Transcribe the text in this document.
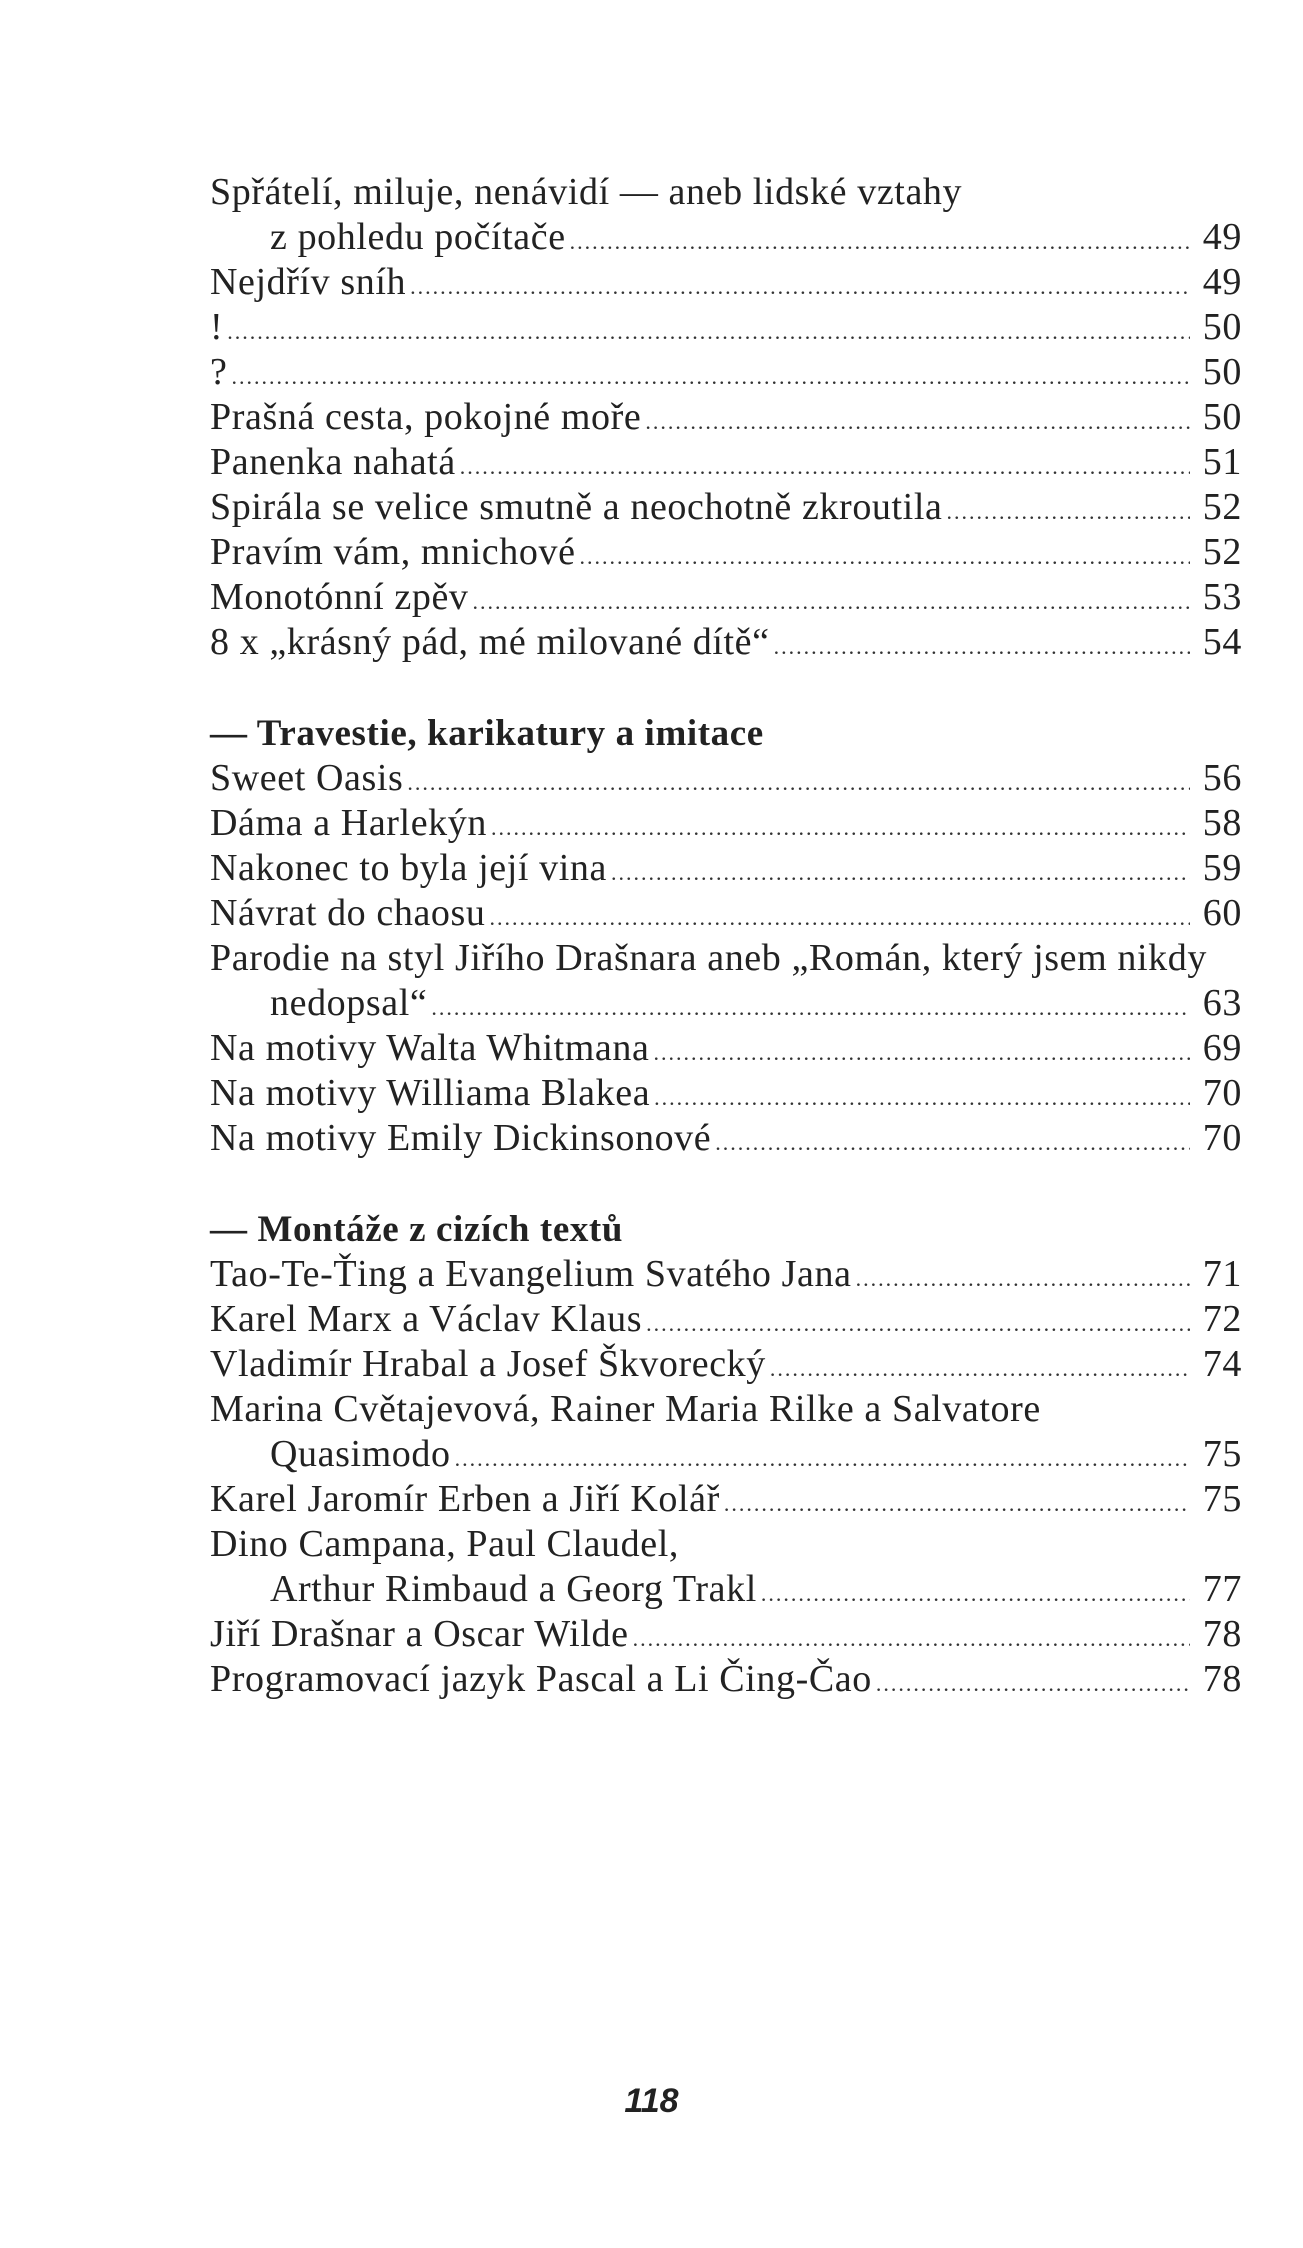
Spřátelí, miluje, nenávidí — aneb lidské vztahy
z pohledu počítače .....	49
Nejdřív sníh .....	49
! .....	50
? .....	50
Prašná cesta, pokojné moře .....	50
Panenka nahatá .....	51
Spirála se velice smutně a neochotně zkroutila .....	52
Pravím vám, mnichové .....	52
Monotónní zpěv .....	53
8 x „krásný pád, mé milované dítě“ .....	54
— Travestie, karikatury a imitace
Sweet Oasis .....	56
Dáma a Harlekýn .....	58
Nakonec to byla její vina .....	59
Návrat do chaosu .....	60
Parodie na styl Jiřího Drašnara aneb „Román, který jsem nikdy
nedopsal“ .....	63
Na motivy Walta Whitmana .....	69
Na motivy Williama Blakea .....	70
Na motivy Emily Dickinsonové .....	70
— Montáže z cizích textů
Tao-Te-Ťing a Evangelium Svatého Jana .....	71
Karel Marx a Václav Klaus .....	72
Vladimír Hrabal a Josef Škvorecký .....	74
Marina Cvětajevová, Rainer Maria Rilke a Salvatore
Quasimodo .....	75
Karel Jaromír Erben a Jiří Kolář .....	75
Dino Campana, Paul Claudel,
Arthur Rimbaud a Georg Trakl .....	77
Jiří Drašnar a Oscar Wilde .....	78
Programovací jazyk Pascal a Li Čing-Čao .....	78
118
